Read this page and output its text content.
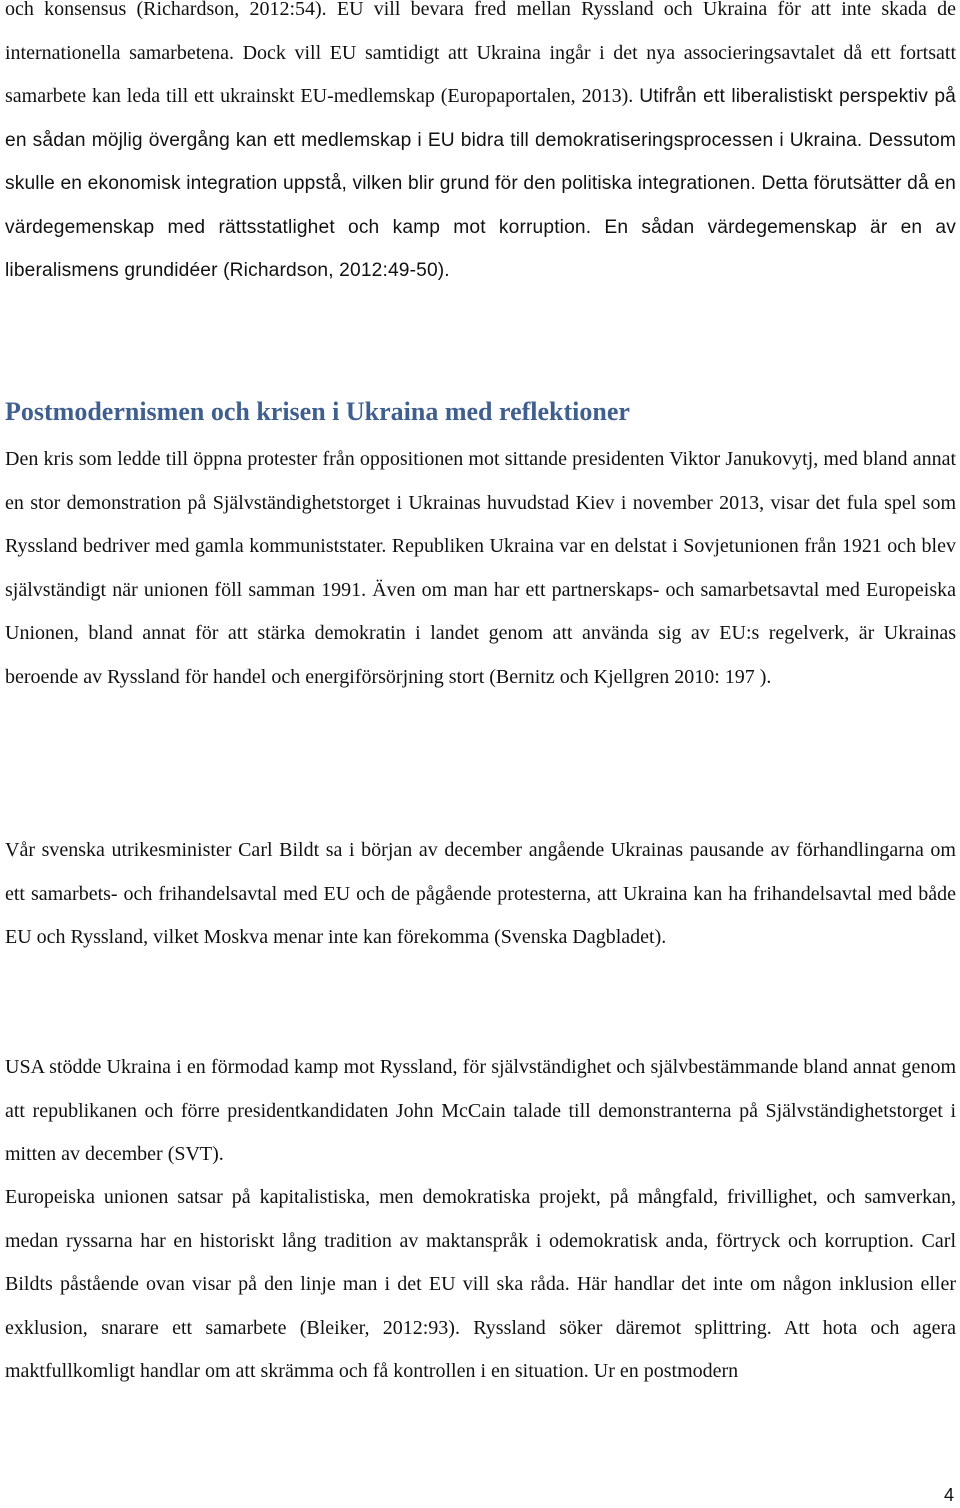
och konsensus (Richardson, 2012:54). EU vill bevara fred mellan Ryssland och Ukraina för att inte skada de internationella samarbetena. Dock vill EU samtidigt att Ukraina ingår i det nya associeringsavtalet då ett fortsatt samarbete kan leda till ett ukrainskt EU-medlemskap (Europaportalen, 2013). Utifrån ett liberalistiskt perspektiv på en sådan möjlig övergång kan ett medlemskap i EU bidra till demokratiseringsprocessen i Ukraina. Dessutom skulle en ekonomisk integration uppstå, vilken blir grund för den politiska integrationen. Detta förutsätter då en värdegemenskap med rättsstatlighet och kamp mot korruption. En sådan värdegemenskap är en av liberalismens grundidéer (Richardson, 2012:49-50).

Postmodernismen och krisen i Ukraina med reflektioner

Den kris som ledde till öppna protester från oppositionen mot sittande presidenten Viktor Janukovytj, med bland annat en stor demonstration på Självständighetstorget i Ukrainas huvudstad Kiev i november 2013, visar det fula spel som Ryssland bedriver med gamla kommuniststater. Republiken Ukraina var en delstat i Sovjetunionen från 1921 och blev självständigt när unionen föll samman 1991. Även om man har ett partnerskaps- och samarbetsavtal med Europeiska Unionen, bland annat för att stärka demokratin i landet genom att använda sig av EU:s regelverk, är Ukrainas beroende av Ryssland för handel och energiförsörjning stort (Bernitz och Kjellgren 2010: 197 ).

Vår svenska utrikesminister Carl Bildt sa i början av december angående Ukrainas pausande av förhandlingarna om ett samarbets- och frihandelsavtal med EU och de pågående protesterna, att Ukraina kan ha frihandelsavtal med både EU och Ryssland, vilket Moskva menar inte kan förekomma (Svenska Dagbladet).

USA stödde Ukraina i en förmodad kamp mot Ryssland, för självständighet och självbestämmande bland annat genom att republikanen och förre presidentkandidaten John McCain talade till demonstranterna på Självständighetstorget i mitten av december (SVT).

Europeiska unionen satsar på kapitalistiska, men demokratiska projekt, på mångfald, frivillighet, och samverkan, medan ryssarna har en historiskt lång tradition av maktanspråk i odemokratisk anda, förtryck och korruption. Carl Bildts påstående ovan visar på den linje man i det EU vill ska råda. Här handlar det inte om någon inklusion eller exklusion, snarare ett samarbete (Bleiker, 2012:93). Ryssland söker däremot splittring. Att hota och agera maktfullkomligt handlar om att skrämma och få kontrollen i en situation. Ur en postmodern

4
